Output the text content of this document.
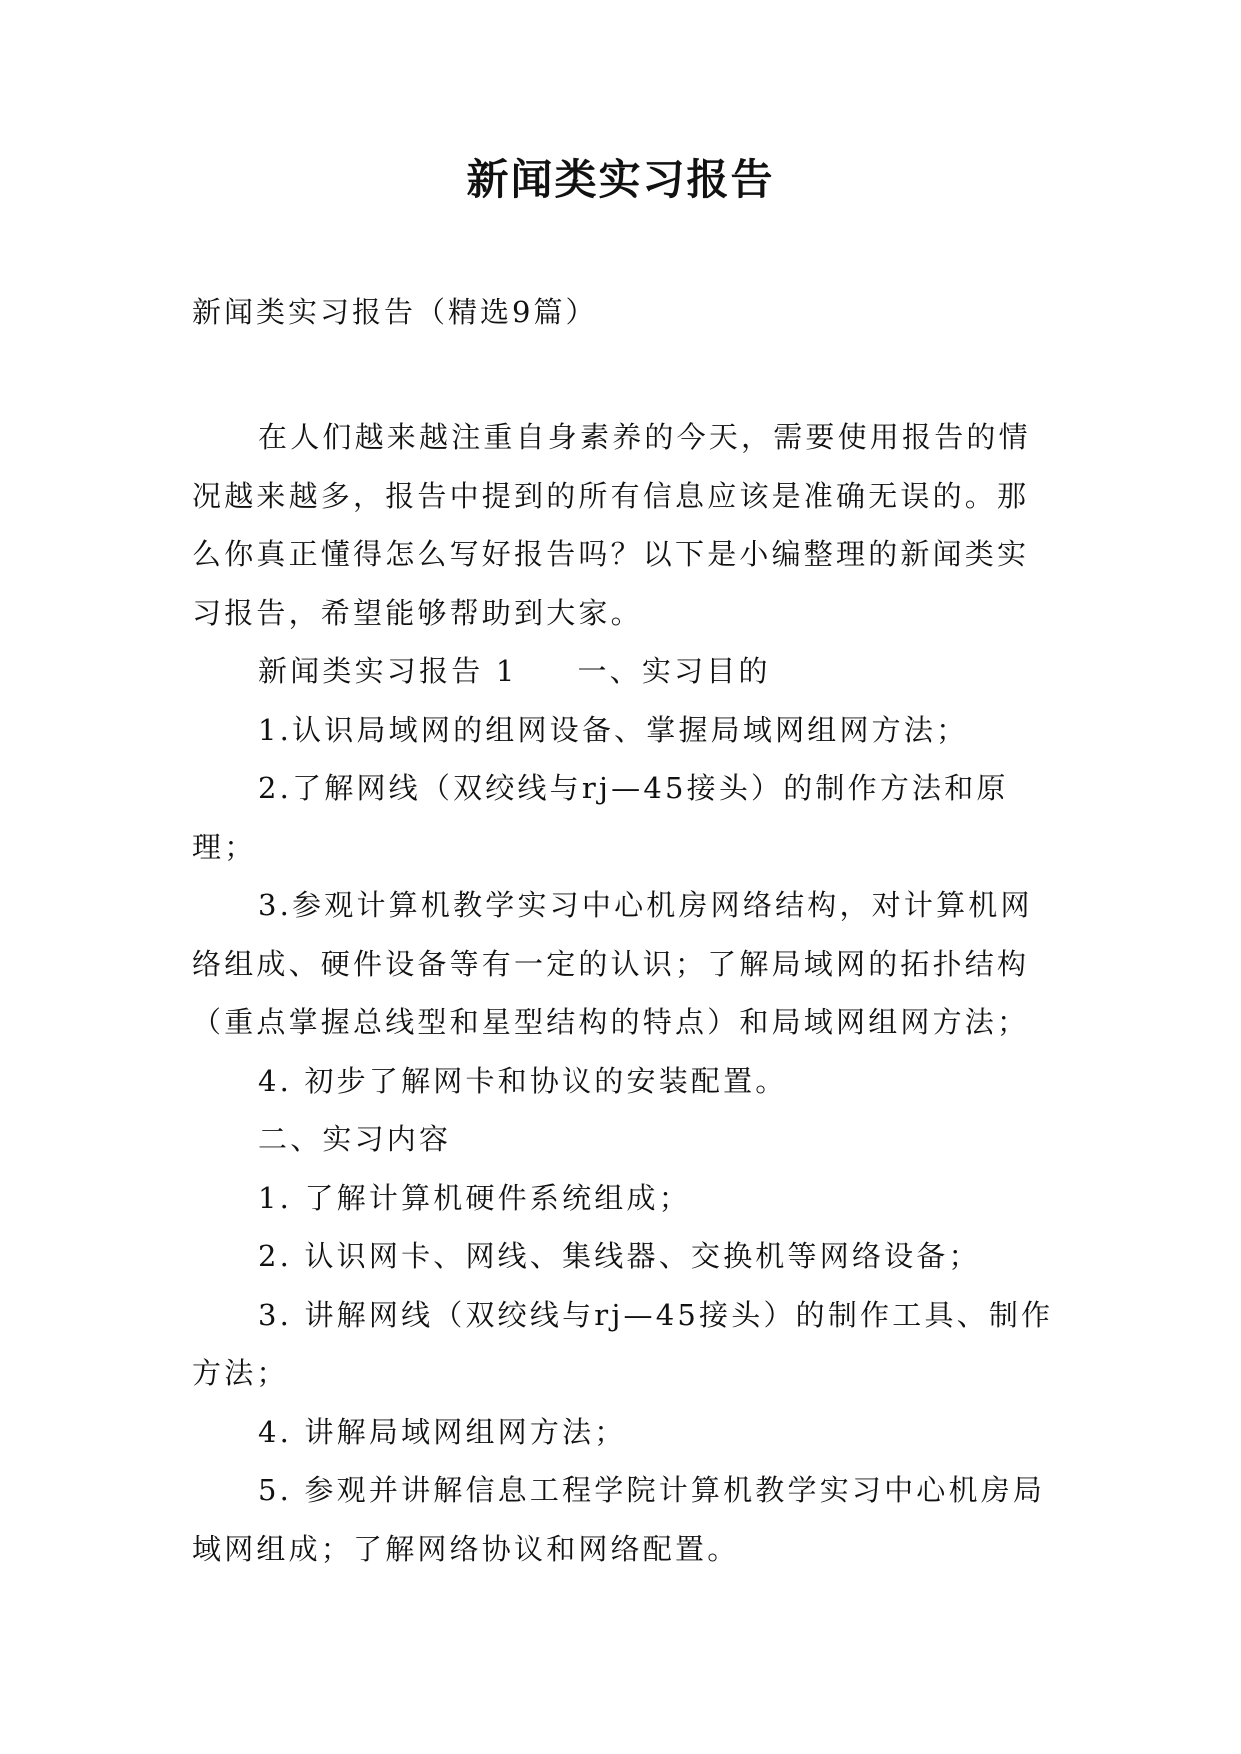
新闻类实习报告
新闻类实习报告（精选9篇）

在人们越来越注重自身素养的今天，需要使用报告的情况越来越多，报告中提到的所有信息应该是准确无误的。那么你真正懂得怎么写好报告吗？以下是小编整理的新闻类实习报告，希望能够帮助到大家。

新闻类实习报告 1 一、实习目的

1.认识局域网的组网设备、掌握局域网组网方法；

2.了解网线（双绞线与rj—45接头）的制作方法和原理；

3.参观计算机教学实习中心机房网络结构，对计算机网络组成、硬件设备等有一定的认识；了解局域网的拓扑结构（重点掌握总线型和星型结构的特点）和局域网组网方法；

4. 初步了解网卡和协议的安装配置。

二、实习内容

1. 了解计算机硬件系统组成；

2. 认识网卡、网线、集线器、交换机等网络设备；

3. 讲解网线（双绞线与rj—45接头）的制作工具、制作方法；

4. 讲解局域网组网方法；

5. 参观并讲解信息工程学院计算机教学实习中心机房局域网组成；了解网络协议和网络配置。
